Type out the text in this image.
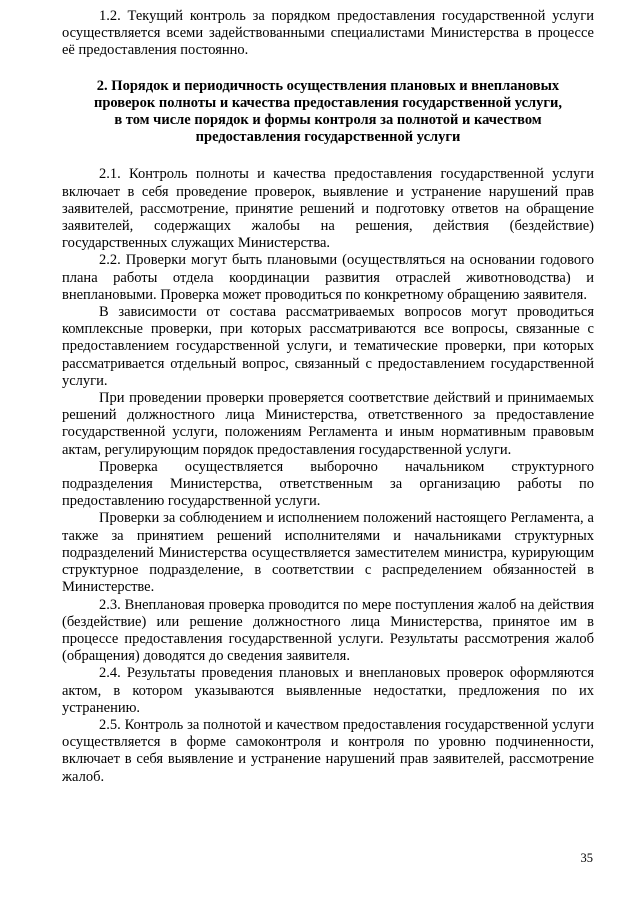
1.2. Текущий контроль за порядком предоставления государственной услуги осуществляется всеми задействованными специалистами Министерства в процессе её предоставления постоянно.

2. Порядок и периодичность осуществления плановых и внеплановых
проверок полноты и качества предоставления государственной услуги,
в том числе порядок и формы контроля за полнотой и качеством
предоставления государственной услуги

2.1. Контроль полноты и качества предоставления государственной услуги включает в себя проведение проверок, выявление и устранение нарушений прав заявителей, рассмотрение, принятие решений и подготовку ответов на обращение заявителей, содержащих жалобы на решения, действия (бездействие) государственных служащих Министерства.

2.2. Проверки могут быть плановыми (осуществляться на основании годового плана работы отдела координации развития отраслей животноводства) и внеплановыми. Проверка может проводиться по конкретному обращению заявителя.

В зависимости от состава рассматриваемых вопросов могут проводиться комплексные проверки, при которых рассматриваются все вопросы, связанные с предоставлением государственной услуги, и тематические проверки, при которых рассматривается отдельный вопрос, связанный с предоставлением государственной услуги.

При проведении проверки проверяется соответствие действий и принимаемых решений должностного лица Министерства, ответственного за предоставление государственной услуги, положениям Регламента и иным нормативным правовым актам, регулирующим порядок предоставления государственной услуги.

Проверка осуществляется выборочно начальником структурного подразделения Министерства, ответственным за организацию работы по предоставлению государственной услуги.

Проверки за соблюдением и исполнением положений настоящего Регламента, а также за принятием решений исполнителями и начальниками структурных подразделений Министерства осуществляется заместителем министра, курирующим структурное подразделение, в соответствии с распределением обязанностей в Министерстве.

2.3. Внеплановая проверка проводится по мере поступления жалоб на действия (бездействие) или решение должностного лица Министерства, принятое им в процессе предоставления государственной услуги. Результаты рассмотрения жалоб (обращения) доводятся до сведения заявителя.

2.4. Результаты проведения плановых и внеплановых проверок оформляются актом, в котором указываются выявленные недостатки, предложения по их устранению.

2.5. Контроль за полнотой и качеством предоставления государственной услуги осуществляется в форме самоконтроля и контроля по уровню подчиненности, включает в себя выявление и устранение нарушений прав заявителей, рассмотрение жалоб.

35
